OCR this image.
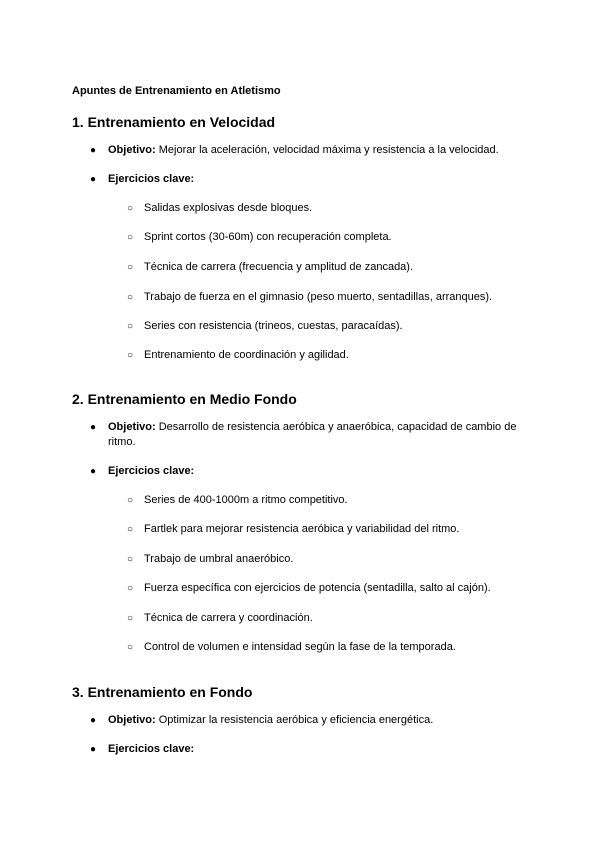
Apuntes de Entrenamiento en Atletismo

1. Entrenamiento en Velocidad
●	Objetivo: Mejorar la aceleración, velocidad máxima y resistencia a la velocidad.
●	Ejercicios clave:
○ Salidas explosivas desde bloques.
○ Sprint cortos (30-60m) con recuperación completa.
○ Técnica de carrera (frecuencia y amplitud de zancada).
○ Trabajo de fuerza en el gimnasio (peso muerto, sentadillas, arranques).
○ Series con resistencia (trineos, cuestas, paracaídas).
○ Entrenamiento de coordinación y agilidad.
2. Entrenamiento en Medio Fondo
●	Objetivo: Desarrollo de resistencia aeróbica y anaeróbica, capacidad de cambio de ritmo.
●	Ejercicios clave:
○ Series de 400-1000m a ritmo competitivo.
○ Fartlek para mejorar resistencia aeróbica y variabilidad del ritmo.
○ Trabajo de umbral anaeróbico.
○ Fuerza específica con ejercicios de potencia (sentadilla, salto al cajón).
○ Técnica de carrera y coordinación.
○ Control de volumen e intensidad según la fase de la temporada.
3. Entrenamiento en Fondo
●	Objetivo: Optimizar la resistencia aeróbica y eficiencia energética.
●	Ejercicios clave:
